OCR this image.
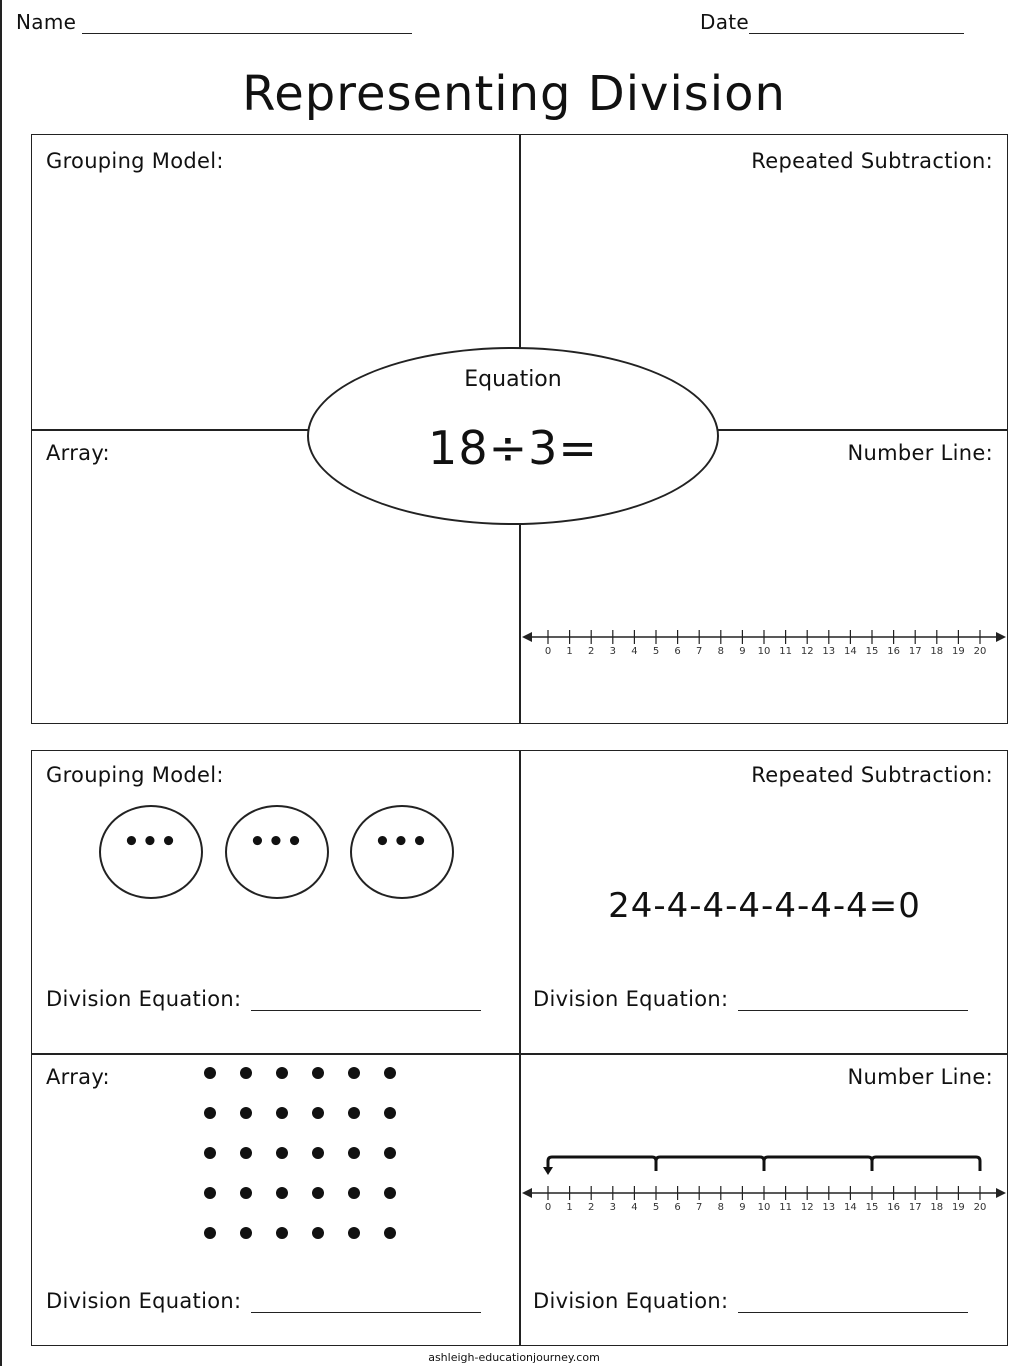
Name	Date
Representing Division
Grouping Model:	Repeated Subtraction:
Array:	Number Line:
Equation
18÷3=
0 1 2 3 4 5 6 7 8 9 10 11 12 13 14 15 16 17 18 19 20
Grouping Model:	Repeated Subtraction:
Array:	Number Line:
•••	•••	•••
24-4-4-4-4-4-4=0
Division Equation:	Division Equation:
Division Equation:	Division Equation:
0 1 2 3 4 5 6 7 8 9 10 11 12 13 14 15 16 17 18 19 20
ashleigh-educationjourney.com
